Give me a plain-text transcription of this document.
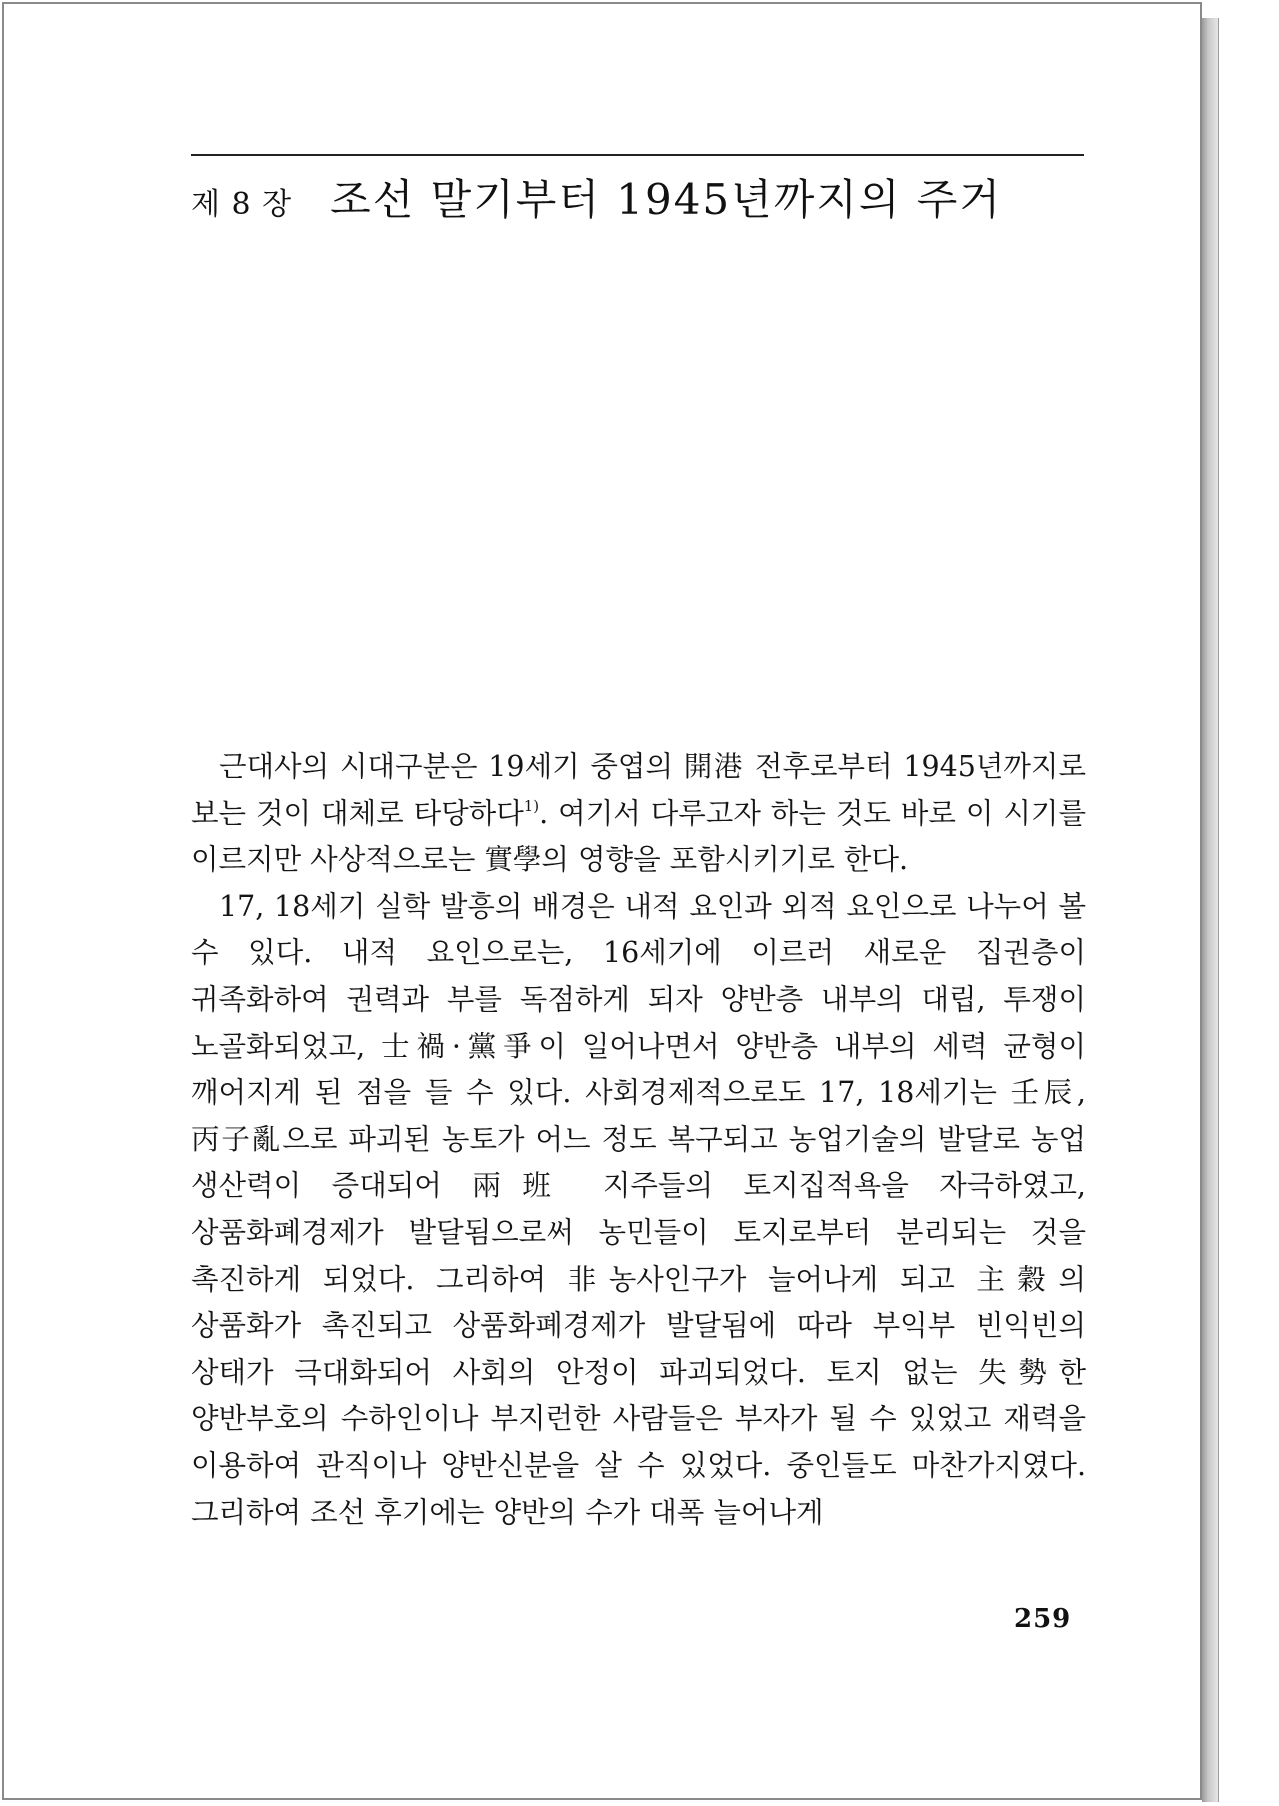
제 8 장 조선 말기부터 1945년까지의 주거

근대사의 시대구분은 19세기 중엽의 開港 전후로부터 1945년까지로 보는 것이 대체로 타당하다$^{1)}$. 여기서 다루고자 하는 것도 바로 이 시기를 이르지만 사상적으로는 實學의 영향을 포함시키기로 한다.

17, 18세기 실학 발흥의 배경은 내적 요인과 외적 요인으로 나누어 볼 수 있다. 내적 요인으로는, 16세기에 이르러 새로운 집권층이 귀족화하여 권력과 부를 독점하게 되자 양반층 내부의 대립, 투쟁이 노골화되었고, 士禍·黨爭이 일어나면서 양반층 내부의 세력 균형이 깨어지게 된 점을 들 수 있다. 사회경제적으로도 17, 18세기는 壬辰,丙子亂으로 파괴된 농토가 어느 정도 복구되고 농업기술의 발달로 농업 생산력이 증대되어 兩班 지주들의 토지집적욕을 자극하였고, 상품화폐경제가 발달됨으로써 농민들이 토지로부터 분리되는 것을 촉진하게 되었다. 그리하여 非농사인구가 늘어나게 되고 主穀의 상품화가 촉진되고 상품화폐경제가 발달됨에 따라 부익부 빈익빈의 상태가 극대화되어 사회의 안정이 파괴되었다. 토지 없는 失勢한 양반부호의 수하인이나 부지런한 사람들은 부자가 될 수 있었고 재력을 이용하여 관직이나 양반신분을 살 수 있었다. 중인들도 마찬가지였다. 그리하여 조선 후기에는 양반의 수가 대폭 늘어나게

259
